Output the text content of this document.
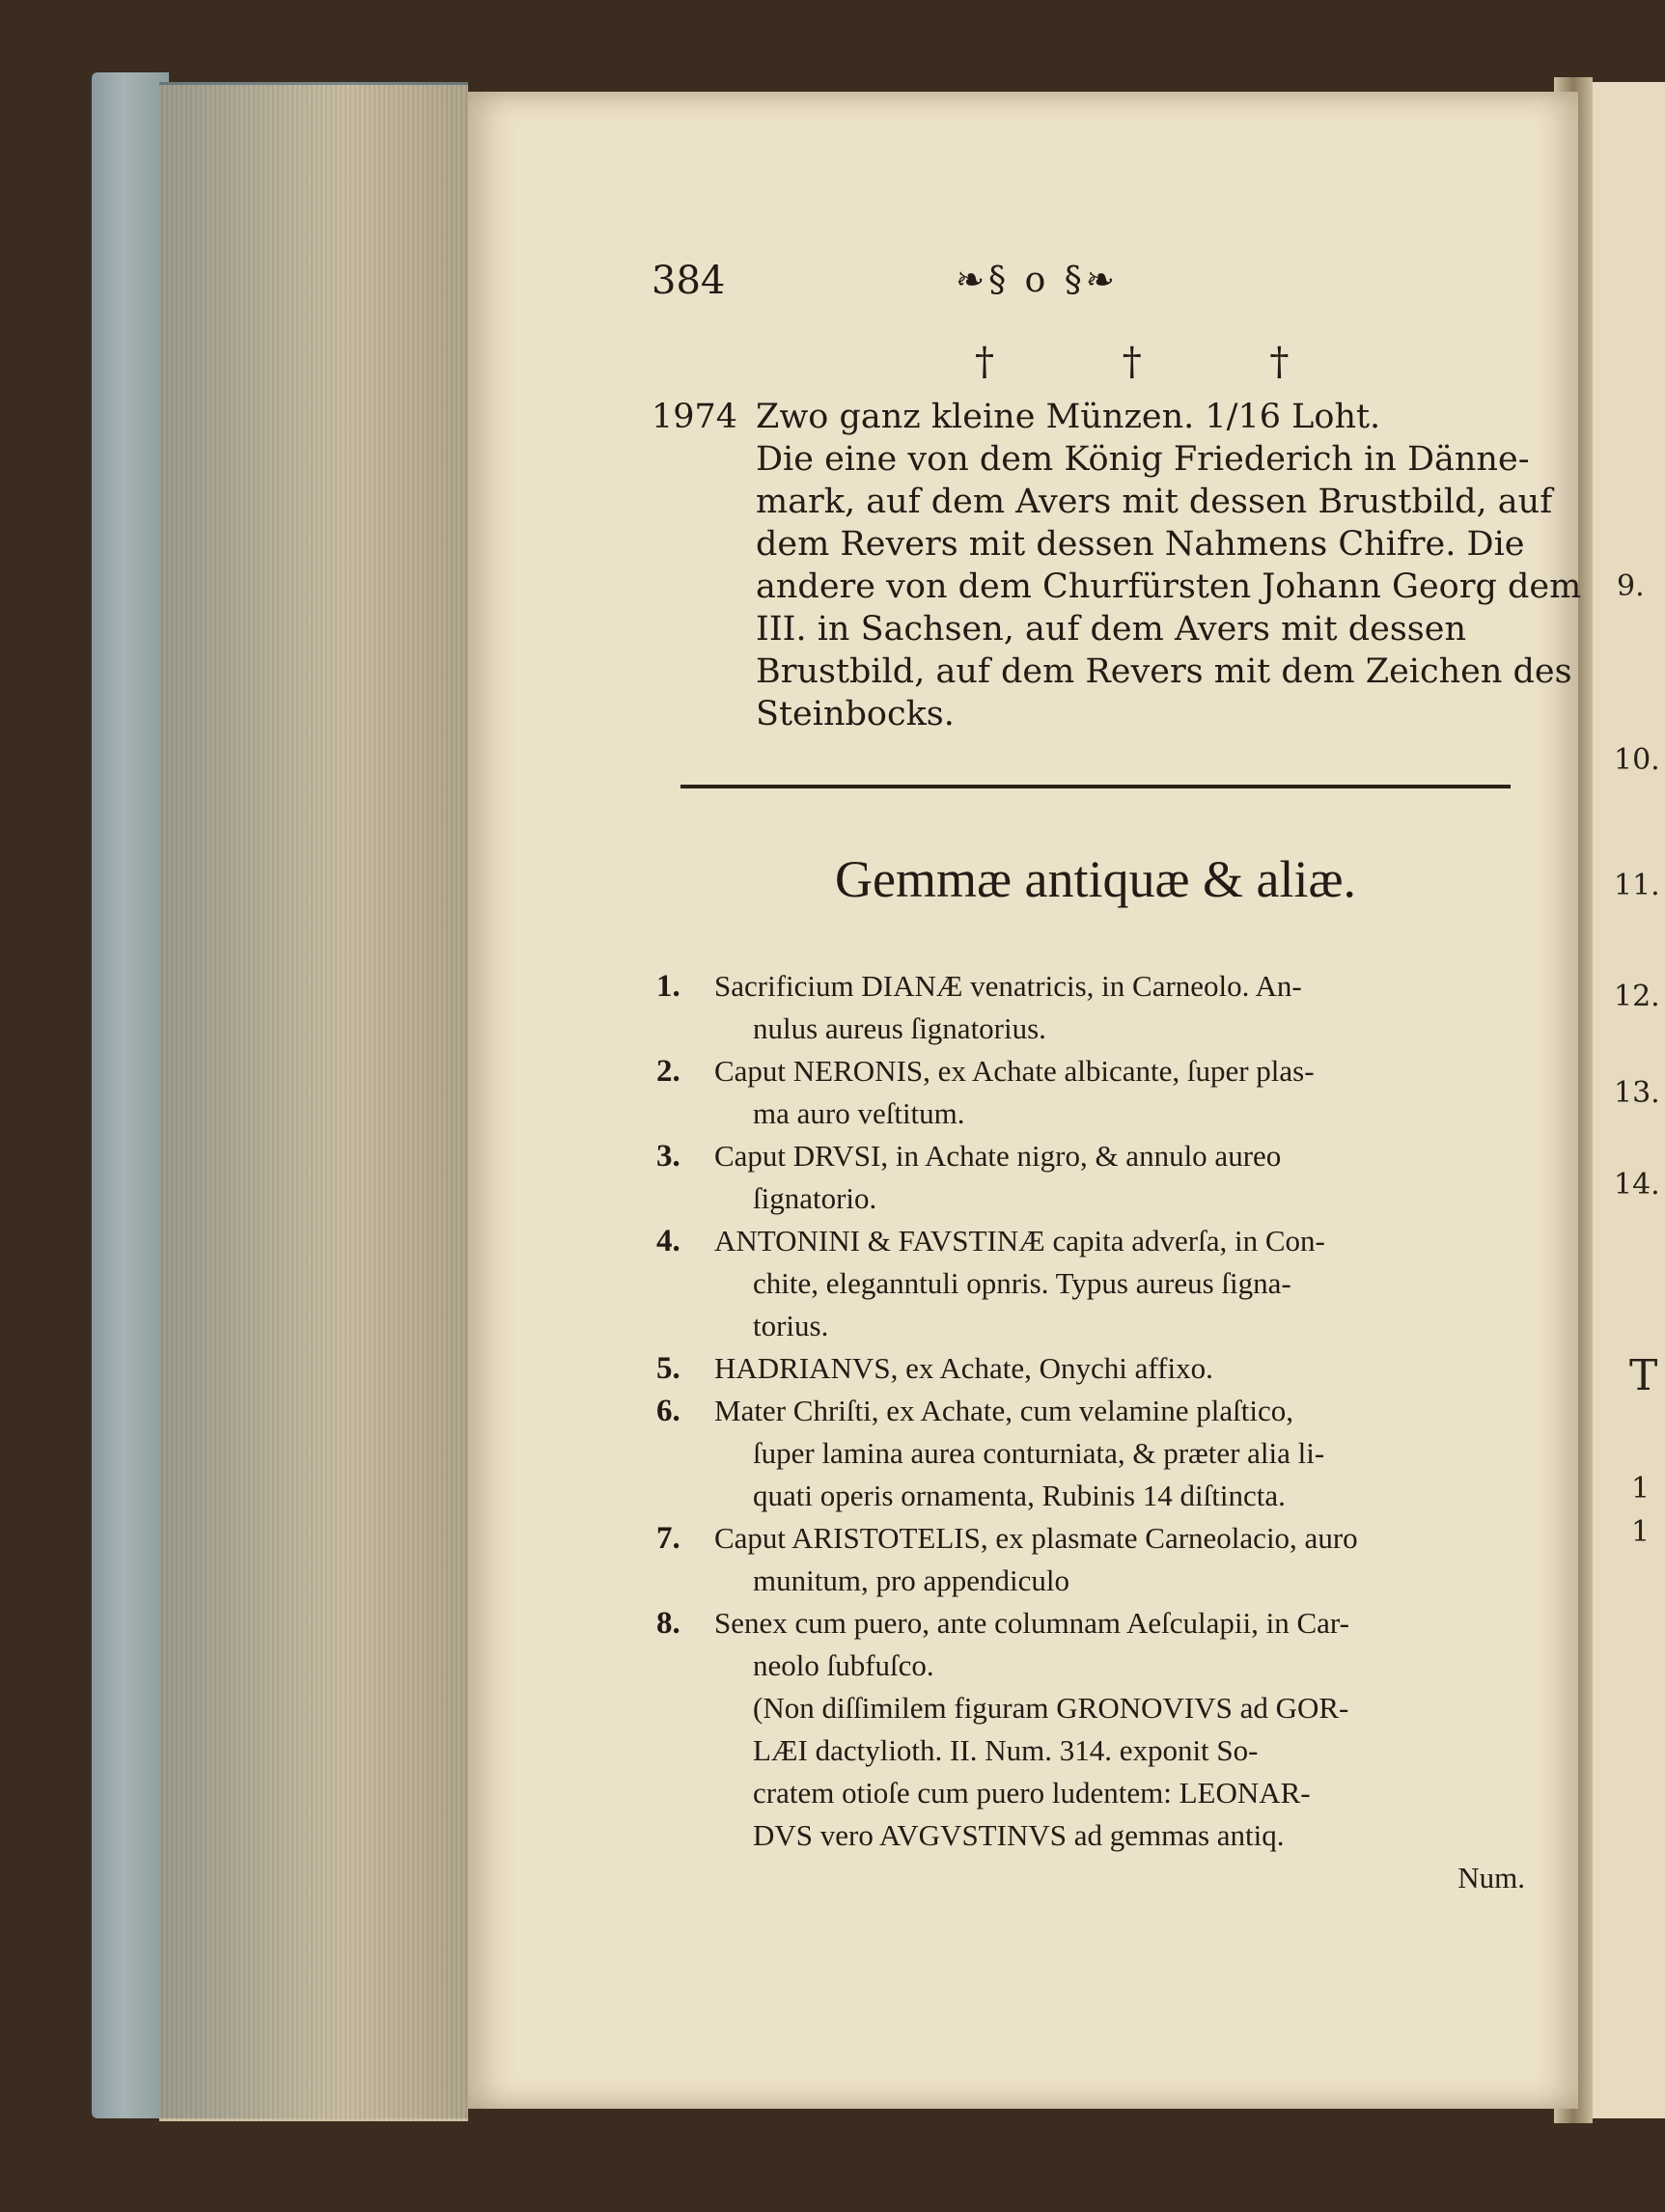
9.
10.
11.
12.
13.
14.
T
1
1
384	❧§ o §❧
† † †
1974 Zwo ganz kleine Münzen. 1/16 Loht.
Die eine von dem König Friederich in Dänne-
mark, auf dem Avers mit dessen Brustbild, auf
dem Revers mit dessen Nahmens Chifre. Die
andere von dem Churfürsten Johann Georg dem
III. in Sachsen, auf dem Avers mit dessen
Brustbild, auf dem Revers mit dem Zeichen des
Steinbocks.
Gemmæ antiquæ & aliæ.
1. Sacrificium DIANÆ venatricis, in Carneolo. An-
nulus aureus ſignatorius.
2. Caput NERONIS, ex Achate albicante, ſuper plas-
ma auro veſtitum.
3. Caput DRVSI, in Achate nigro, & annulo aureo
ſignatorio.
4. ANTONINI & FAVSTINÆ capita adverſa, in Con-
chite, eleganntuli opnris. Typus aureus ſigna-
torius.
5. HADRIANVS, ex Achate, Onychi affixo.
6. Mater Chriſti, ex Achate, cum velamine plaſtico,
ſuper lamina aurea conturniata, & præter alia li-
quati operis ornamenta, Rubinis 14 diſtincta.
7. Caput ARISTOTELIS, ex plasmate Carneolacio, auro
munitum, pro appendiculo
8. Senex cum puero, ante columnam Aeſculapii, in Car-
neolo ſubfuſco.
(Non diſſimilem figuram GRONOVIVS ad GOR-
LÆI dactylioth. II. Num. 314. exponit So-
cratem otioſe cum puero ludentem: LEONAR-
DVS vero AVGVSTINVS ad gemmas antiq.
Num.
